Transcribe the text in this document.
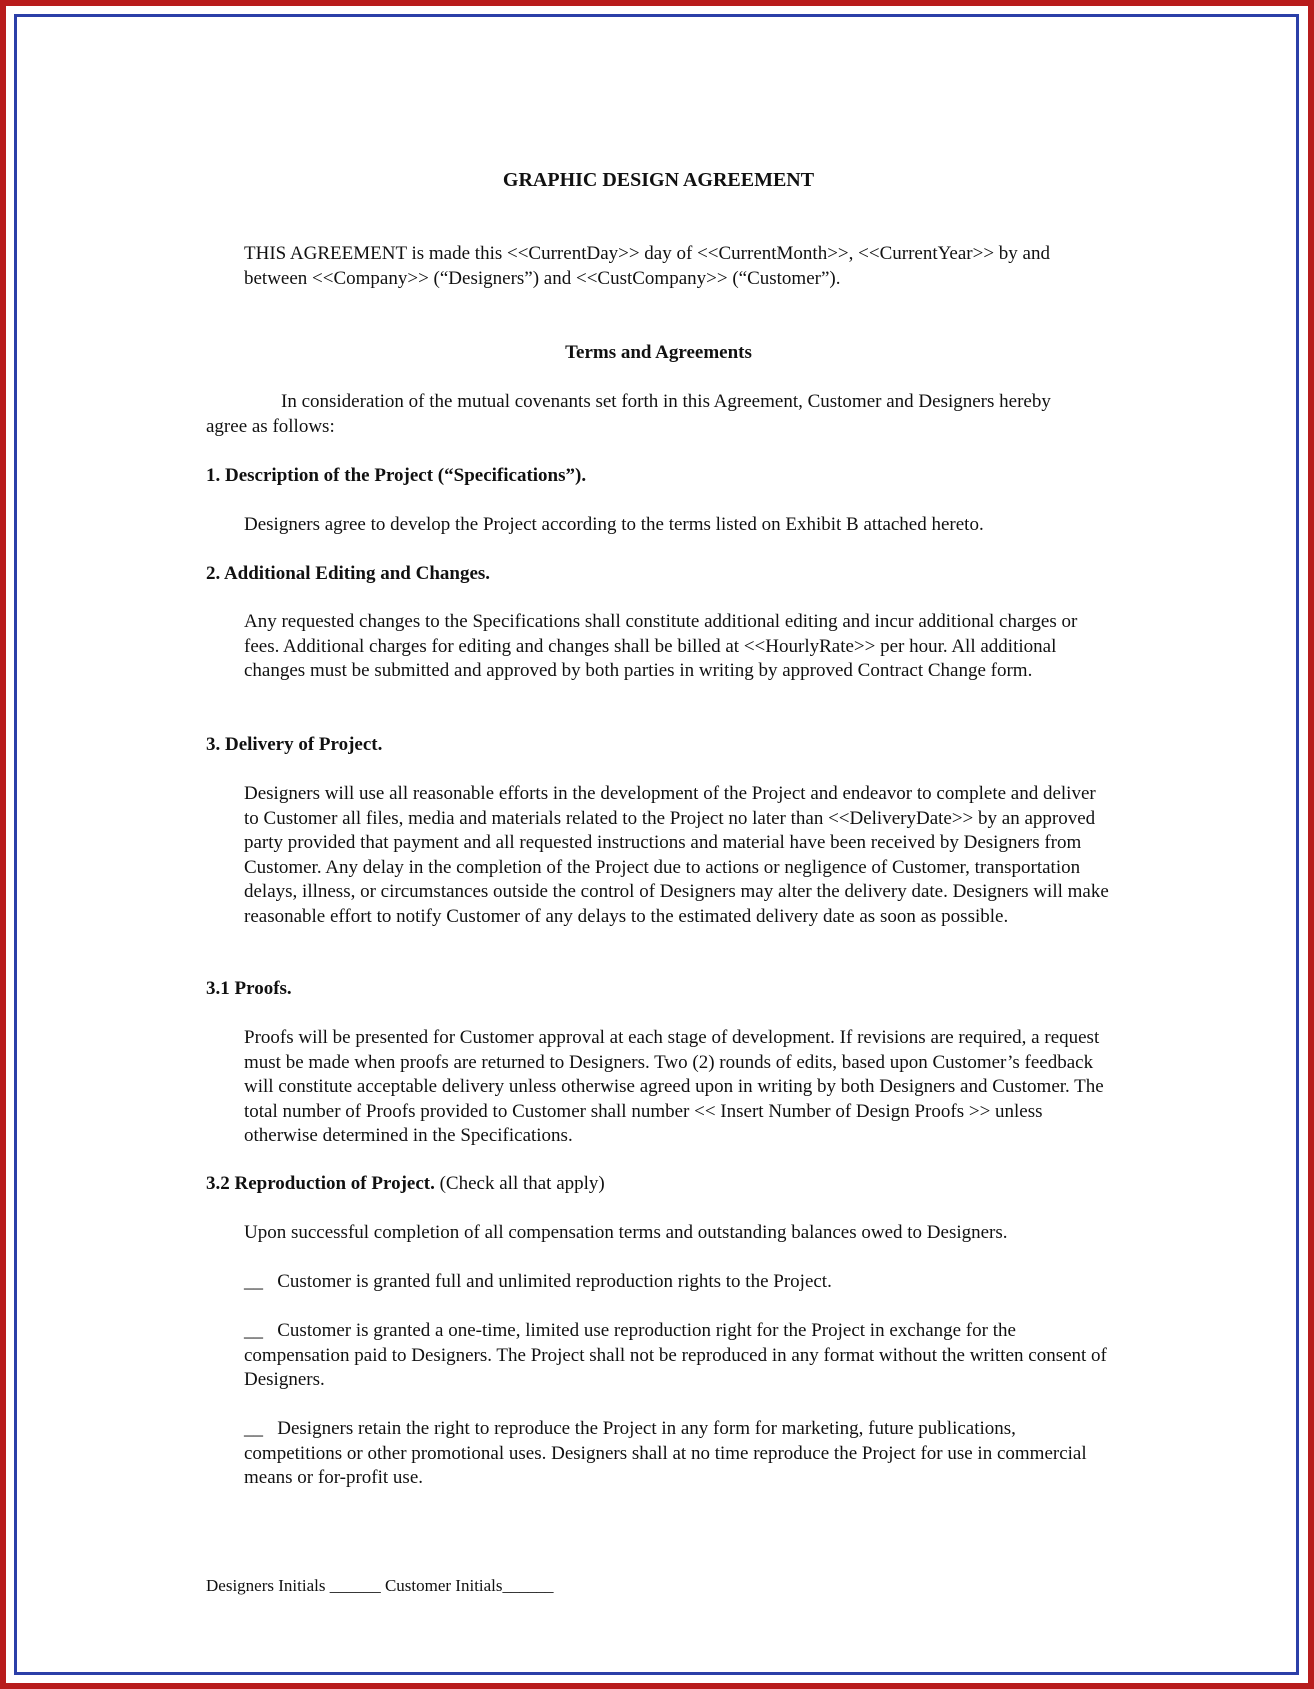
GRAPHIC DESIGN AGREEMENT

THIS AGREEMENT is made this <<CurrentDay>> day of <<CurrentMonth>>, <<CurrentYear>> by and between <<Company>> (“Designers”) and <<CustCompany>> (“Customer”).

Terms and Agreements

In consideration of the mutual covenants set forth in this Agreement, Customer and Designers hereby agree as follows:

1. Description of the Project (“Specifications”).

Designers agree to develop the Project according to the terms listed on Exhibit B attached hereto.

2. Additional Editing and Changes.

Any requested changes to the Specifications shall constitute additional editing and incur additional charges or fees. Additional charges for editing and changes shall be billed at <<HourlyRate>> per hour. All additional changes must be submitted and approved by both parties in writing by approved Contract Change form.

3. Delivery of Project.

Designers will use all reasonable efforts in the development of the Project and endeavor to complete and deliver to Customer all files, media and materials related to the Project no later than <<DeliveryDate>> by an approved party provided that payment and all requested instructions and material have been received by Designers from Customer. Any delay in the completion of the Project due to actions or negligence of Customer, transportation delays, illness, or circumstances outside the control of Designers may alter the delivery date. Designers will make reasonable effort to notify Customer of any delays to the estimated delivery date as soon as possible.

3.1 Proofs.

Proofs will be presented for Customer approval at each stage of development. If revisions are required, a request must be made when proofs are returned to Designers. Two (2) rounds of edits, based upon Customer’s feedback will constitute acceptable delivery unless otherwise agreed upon in writing by both Designers and Customer. The total number of Proofs provided to Customer shall number << Insert Number of Design Proofs >> unless otherwise determined in the Specifications.

3.2 Reproduction of Project. (Check all that apply)

Upon successful completion of all compensation terms and outstanding balances owed to Designers.

__   Customer is granted full and unlimited reproduction rights to the Project.

__   Customer is granted a one-time, limited use reproduction right for the Project in exchange for the compensation paid to Designers. The Project shall not be reproduced in any format without the written consent of Designers.

__   Designers retain the right to reproduce the Project in any form for marketing, future publications, competitions or other promotional uses. Designers shall at no time reproduce the Project for use in commercial means or for-profit use.

Designers Initials ______ Customer Initials______
